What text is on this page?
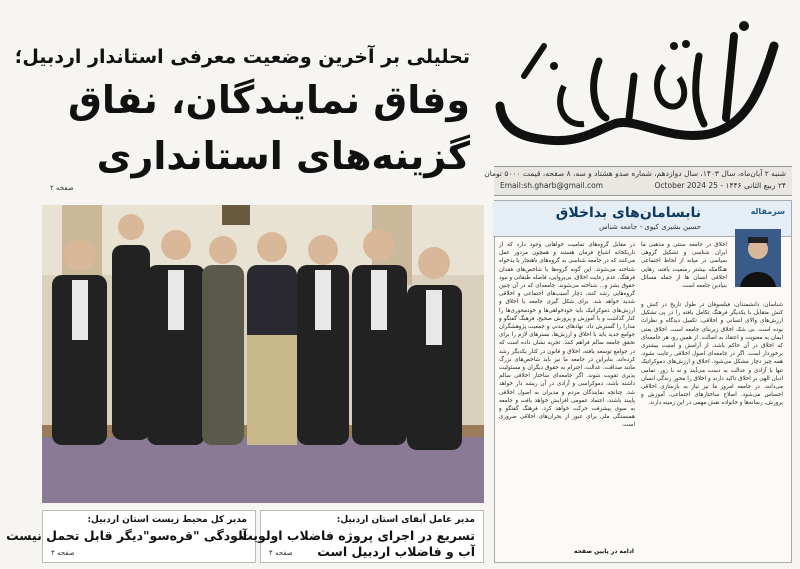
شنبه ۲ آبان‌ماه، سال ۱۴۰۳، سال دوازدهم، شماره صدو هشتاد و سه، ۸ صفحه، قیمت ۵۰۰۰ تومان
۲۴ ربیع الثانی ۱۴۴۶ - 25 October 2024
Email:sh.gharb@gmail.com
تحلیلی بر آخرین وضعیت معرفی استاندار اردبیل؛
وفاق نمایندگان، نفاق
گزینه‌های استانداری
صفحه ۲
مدیر کل محیط زیست استان اردبیل:
آلودگی "قره‌سو"دیگر قابل تحمل نیست
صفحه ۴
مدیر عامل آبفای استان اردبیل:
تسریع در اجرای پروژه فاضلاب اولویت
آب و فاضلاب اردبیل است
صفحه ۴
سرمقاله
نابسامان‌های بداخلاق
حسین بشیری کیوی - جامعه شناس
اخلاق در جامعه سنتی و مذهبی ما ایران شناسی و تشکیل گروهی سیاسی در میانه از لحاظ اجتماعی هنگامکه بیشتر رسمیت یافته، رهایی اخلاقی انسان ها از جمله مسائل بنیادین جامعه است.
شناسان، دانشمندان، فیلسوفان در طول تاریخ در کنش و کنش متقابل با یکدیگر فرهنگ تکامل یافته را در پی تشکیل ارزش‌های والای انسانی و اخلاقی، تکمیل دیدگاه و نظرات بوده است. بی شک اخلاق زیربنای جامعه است. اخلاق یعنی ایمان به معنویت و اعتقاد به اصالت. از همین رو، هر جامعه‌ای که اخلاق در آن حاکم باشد، از آرامش و امنیت بیشتری برخوردار است. اگر در جامعه‌ای اصول اخلاقی رعایت نشود، همه چیز دچار مشکل می‌شود. اخلاق و ارزش‌های دموکراتیک تنها با آزادی و عدالت به دست می‌آیند و نه با زور. تمامی ادیان الهی بر اخلاق تاکید دارند و اخلاق را محور زندگی انسان می‌دانند. در جامعه امروز ما نیز نیاز به بازسازی اخلاقی احساس می‌شود. اصلاح ساختارهای اجتماعی، آموزش و پرورش، رسانه‌ها و خانواده نقش مهمی در این زمینه دارند.
در مقابل گروه‌های تمامیت خواهانی وجود دارد که از تاریکخانه اشباع فرمان هستند و همچون مزدور عمل می‌کنند که در جامعه شناسی به گروه‌های ناهنجار یا بدخواه شناخته می‌شوند. این گونه گروه‌ها با شاخص‌های فقدان فرهنگ، عدم رعایت اخلاق، بی‌پروایی، فاصله طبقاتی و نبود حقوق بشر و... شناخته می‌شوند. جامعه‌ای که در آن چنین گروه‌هایی رشد کنند، دچار آسیب‌های اجتماعی و اخلاقی شدید خواهد شد. برای شکل گیری جامعه با اخلاق و ارزش‌های دموکراتیک باید خودخواهی‌ها و خودمحوری‌ها را کنار گذاشت و با آموزش و پرورش صحیح، فرهنگ گفتگو و مدارا را گسترش داد. نهادهای مدنی و جمعیت پژوهشگران جوامع جدید باید با اخلاق و ارزش‌ها، بسترهای لازم را برای تحقق جامعه سالم فراهم کنند. تجربه نشان داده است که در جوامع توسعه یافته، اخلاق و قانون در کنار یکدیگر رشد کرده‌اند. بنابراین در جامعه ما نیز باید شاخص‌های بزرگ مانند صداقت، عدالت، احترام به حقوق دیگران و مسئولیت پذیری تقویت شوند. اگر جامعه‌ای ساختار اخلاقی سالم داشته باشد، دموکراسی و آزادی در آن ریشه دار خواهد شد. چنانچه نمایندگان مردم و مدیران به اصول اخلاقی پایبند باشند، اعتماد عمومی افزایش خواهد یافت و جامعه به سوی پیشرفت حرکت خواهد کرد. فرهنگ گفتگو و همبستگی ملی برای عبور از بحران‌های اخلاقی ضروری است.
ادامه در پایین صفحه
